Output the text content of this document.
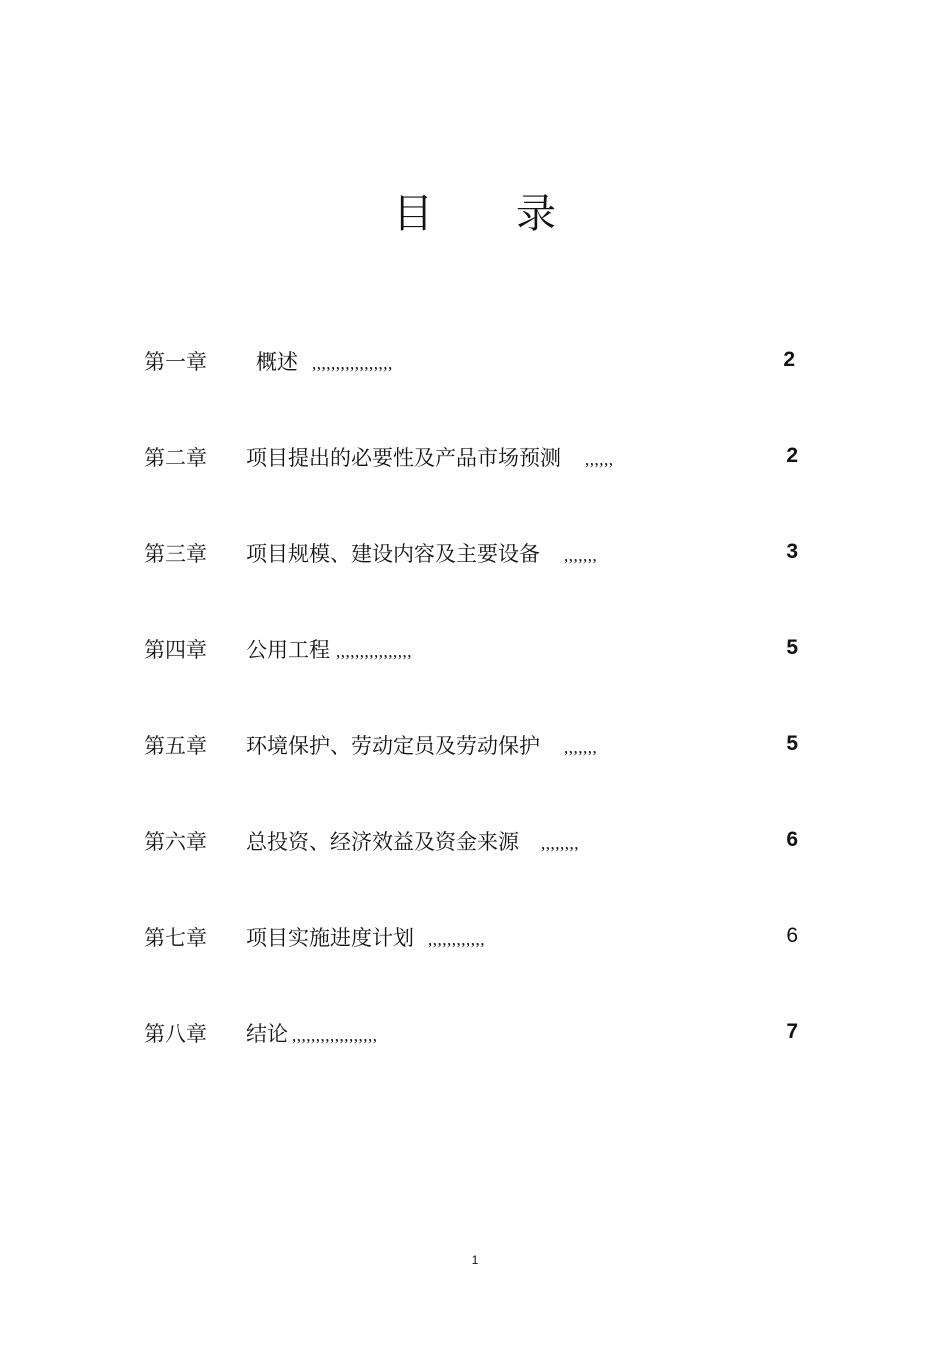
目 录
第一章 概述 ,,,,,,,,,,,,,,,,,	2
第二章 项目提出的必要性及产品市场预测 ,,,,,,	2
第三章 项目规模、建设内容及主要设备 ,,,,,,,	3
第四章 公用工程 ,,,,,,,,,,,,,,,,	5
第五章 环境保护、劳动定员及劳动保护 ,,,,,,,	5
第六章 总投资、经济效益及资金来源 ,,,,,,,,	6
第七章 项目实施进度计划 ,,,,,,,,,,,,	6
第八章 结论 ,,,,,,,,,,,,,,,,,,	7
1
